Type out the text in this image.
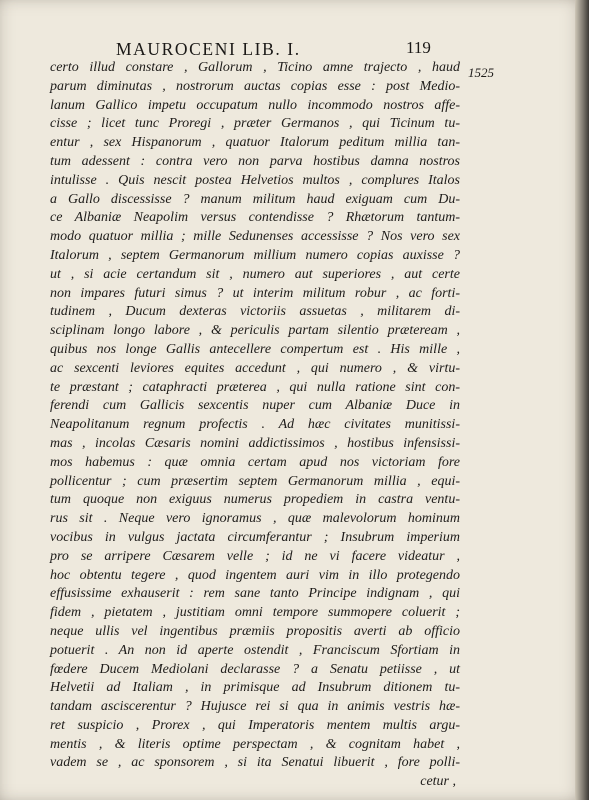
MAUROCENI LIB. I.	119
1525
certo illud constare , Gallorum , Ticino amne trajecto , haud
parum diminutas , nostrorum auctas copias esse : post Medio-
lanum Gallico impetu occupatum nullo incommodo nostros affe-
cisse ; licet tunc Proregi , præter Germanos , qui Ticinum tu-
entur , sex Hispanorum , quatuor Italorum peditum millia tan-
tum adessent : contra vero non parva hostibus damna nostros
intulisse . Quis nescit postea Helvetios multos , complures Italos
a Gallo discessisse ? manum militum haud exiguam cum Du-
ce Albaniæ Neapolim versus contendisse ? Rhætorum tantum-
modo quatuor millia ; mille Sedunenses accessisse ? Nos vero sex
Italorum , septem Germanorum millium numero copias auxisse ?
ut , si acie certandum sit , numero aut superiores , aut certe
non impares futuri simus ? ut interim militum robur , ac forti-
tudinem , Ducum dexteras victoriis assuetas , militarem di-
sciplinam longo labore , & periculis partam silentio præteream ,
quibus nos longe Gallis antecellere compertum est . His mille ,
ac sexcenti leviores equites accedunt , qui numero , & virtu-
te præstant ; cataphracti præterea , qui nulla ratione sint con-
ferendi cum Gallicis sexcentis nuper cum Albaniæ Duce in
Neapolitanum regnum profectis . Ad hæc civitates munitissi-
mas , incolas Cæsaris nomini addictissimos , hostibus infensissi-
mos habemus : quæ omnia certam apud nos victoriam fore
pollicentur ; cum præsertim septem Germanorum millia , equi-
tum quoque non exiguus numerus propediem in castra ventu-
rus sit . Neque vero ignoramus , quæ malevolorum hominum
vocibus in vulgus jactata circumferantur ; Insubrum imperium
pro se arripere Cæsarem velle ; id ne vi facere videatur ,
hoc obtentu tegere , quod ingentem auri vim in illo protegendo
effusissime exhauserit : rem sane tanto Principe indignam , qui
fidem , pietatem , justitiam omni tempore summopere coluerit ;
neque ullis vel ingentibus præmiis propositis averti ab officio
potuerit . An non id aperte ostendit , Franciscum Sfortiam in
fœdere Ducem Mediolani declarasse ? a Senatu petiisse , ut
Helvetii ad Italiam , in primisque ad Insubrum ditionem tu-
tandam asciscerentur ? Hujusce rei si qua in animis vestris hæ-
ret suspicio , Prorex , qui Imperatoris mentem multis argu-
mentis , & literis optime perspectam , & cognitam habet ,
vadem se , ac sponsorem , si ita Senatui libuerit , fore polli-
cetur ,
